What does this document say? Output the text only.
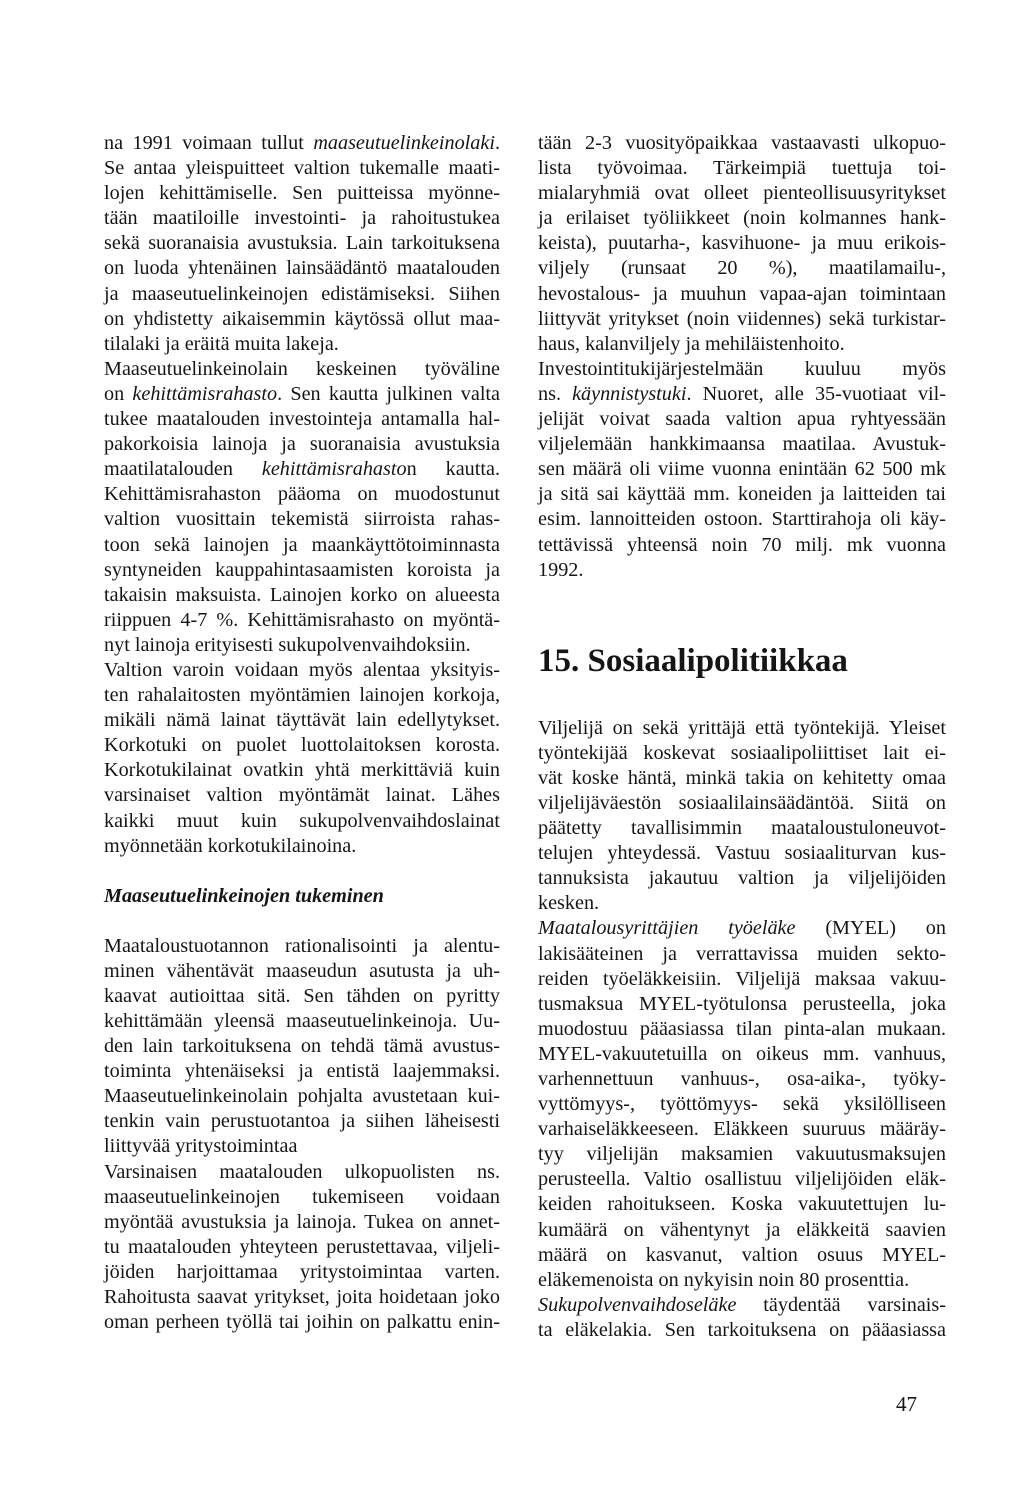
na 1991 voimaan tullut maaseutuelinkeinolaki.
Se antaa yleispuitteet valtion tukemalle maati-
lojen kehittämiselle. Sen puitteissa myönne-
tään maatiloille investointi- ja rahoitustukea
sekä suoranaisia avustuksia. Lain tarkoituksena
on luoda yhtenäinen lainsäädäntö maatalouden
ja maaseutuelinkeinojen edistämiseksi. Siihen
on yhdistetty aikaisemmin käytössä ollut maa-
tilalaki ja eräitä muita lakeja.
Maaseutuelinkeinolain keskeinen työväline
on kehittämisrahasto. Sen kautta julkinen valta
tukee maatalouden investointeja antamalla hal-
pakorkoisia lainoja ja suoranaisia avustuksia
maatilatalouden kehittämisrahaston kautta.
Kehittämisrahaston pääoma on muodostunut
valtion vuosittain tekemistä siirroista rahas-
toon sekä lainojen ja maankäyttötoiminnasta
syntyneiden kauppahintasaamisten koroista ja
takaisin maksuista. Lainojen korko on alueesta
riippuen 4-7 %. Kehittämisrahasto on myöntä-
nyt lainoja erityisesti sukupolvenvaihdoksiin.
Valtion varoin voidaan myös alentaa yksityis-
ten rahalaitosten myöntämien lainojen korkoja,
mikäli nämä lainat täyttävät lain edellytykset.
Korkotuki on puolet luottolaitoksen korosta.
Korkotukilainat ovatkin yhtä merkittäviä kuin
varsinaiset valtion myöntämät lainat. Lähes
kaikki muut kuin sukupolvenvaihdoslainat
myönnetään korkotukilainoina.
Maaseutuelinkeinojen tukeminen
Maataloustuotannon rationalisointi ja alentu-
minen vähentävät maaseudun asutusta ja uh-
kaavat autioittaa sitä. Sen tähden on pyritty
kehittämään yleensä maaseutuelinkeinoja. Uu-
den lain tarkoituksena on tehdä tämä avustus-
toiminta yhtenäiseksi ja entistä laajemmaksi.
Maaseutuelinkeinolain pohjalta avustetaan kui-
tenkin vain perustuotantoa ja siihen läheisesti
liittyvää yritystoimintaa
Varsinaisen maatalouden ulkopuolisten ns.
maaseutuelinkeinojen tukemiseen voidaan
myöntää avustuksia ja lainoja. Tukea on annet-
tu maatalouden yhteyteen perustettavaa, viljeli-
jöiden harjoittamaa yritystoimintaa varten.
Rahoitusta saavat yritykset, joita hoidetaan joko
oman perheen työllä tai joihin on palkattu enin-
tään 2-3 vuosityöpaikkaa vastaavasti ulkopuo-
lista työvoimaa. Tärkeimpiä tuettuja toi-
mialaryhmiä ovat olleet pienteollisuusyritykset
ja erilaiset työliikkeet (noin kolmannes hank-
keista), puutarha-, kasvihuone- ja muu erikois-
viljely (runsaat 20 %), maatilamailu-,
hevostalous- ja muuhun vapaa-ajan toimintaan
liittyvät yritykset (noin viidennes) sekä turkistar-
haus, kalanviljely ja mehiläistenhoito.
Investointitukijärjestelmään kuuluu myös
ns. käynnistystuki. Nuoret, alle 35-vuotiaat vil-
jelijät voivat saada valtion apua ryhtyessään
viljelemään hankkimaansa maatilaa. Avustuk-
sen määrä oli viime vuonna enintään 62 500 mk
ja sitä sai käyttää mm. koneiden ja laitteiden tai
esim. lannoitteiden ostoon. Starttirahoja oli käy-
tettävissä yhteensä noin 70 milj. mk vuonna
1992.
15. Sosiaalipolitiikkaa
Viljelijä on sekä yrittäjä että työntekijä. Yleiset
työntekijää koskevat sosiaalipoliittiset lait ei-
vät koske häntä, minkä takia on kehitetty omaa
viljelijäväestön sosiaalilainsäädäntöä. Siitä on
päätetty tavallisimmin maataloustuloneuvot-
telujen yhteydessä. Vastuu sosiaaliturvan kus-
tannuksista jakautuu valtion ja viljelijöiden
kesken.
Maatalousyrittäjien työeläke (MYEL) on
lakisääteinen ja verrattavissa muiden sekto-
reiden työeläkkeisiin. Viljelijä maksaa vakuu-
tusmaksua MYEL-työtulonsa perusteella, joka
muodostuu pääasiassa tilan pinta-alan mukaan.
MYEL-vakuutetuilla on oikeus mm. vanhuus,
varhennettuun vanhuus-, osa-aika-, työky-
vyttömyys-, työttömyys- sekä yksilölliseen
varhaiseläkkeeseen. Eläkkeen suuruus määräy-
tyy viljelijän maksamien vakuutusmaksujen
perusteella. Valtio osallistuu viljelijöiden eläk-
keiden rahoitukseen. Koska vakuutettujen lu-
kumäärä on vähentynyt ja eläkkeitä saavien
määrä on kasvanut, valtion osuus MYEL-
eläkemenoista on nykyisin noin 80 prosenttia.
Sukupolvenvaihdoseläke täydentää varsinais-
ta eläkelakia. Sen tarkoituksena on pääasiassa
47
